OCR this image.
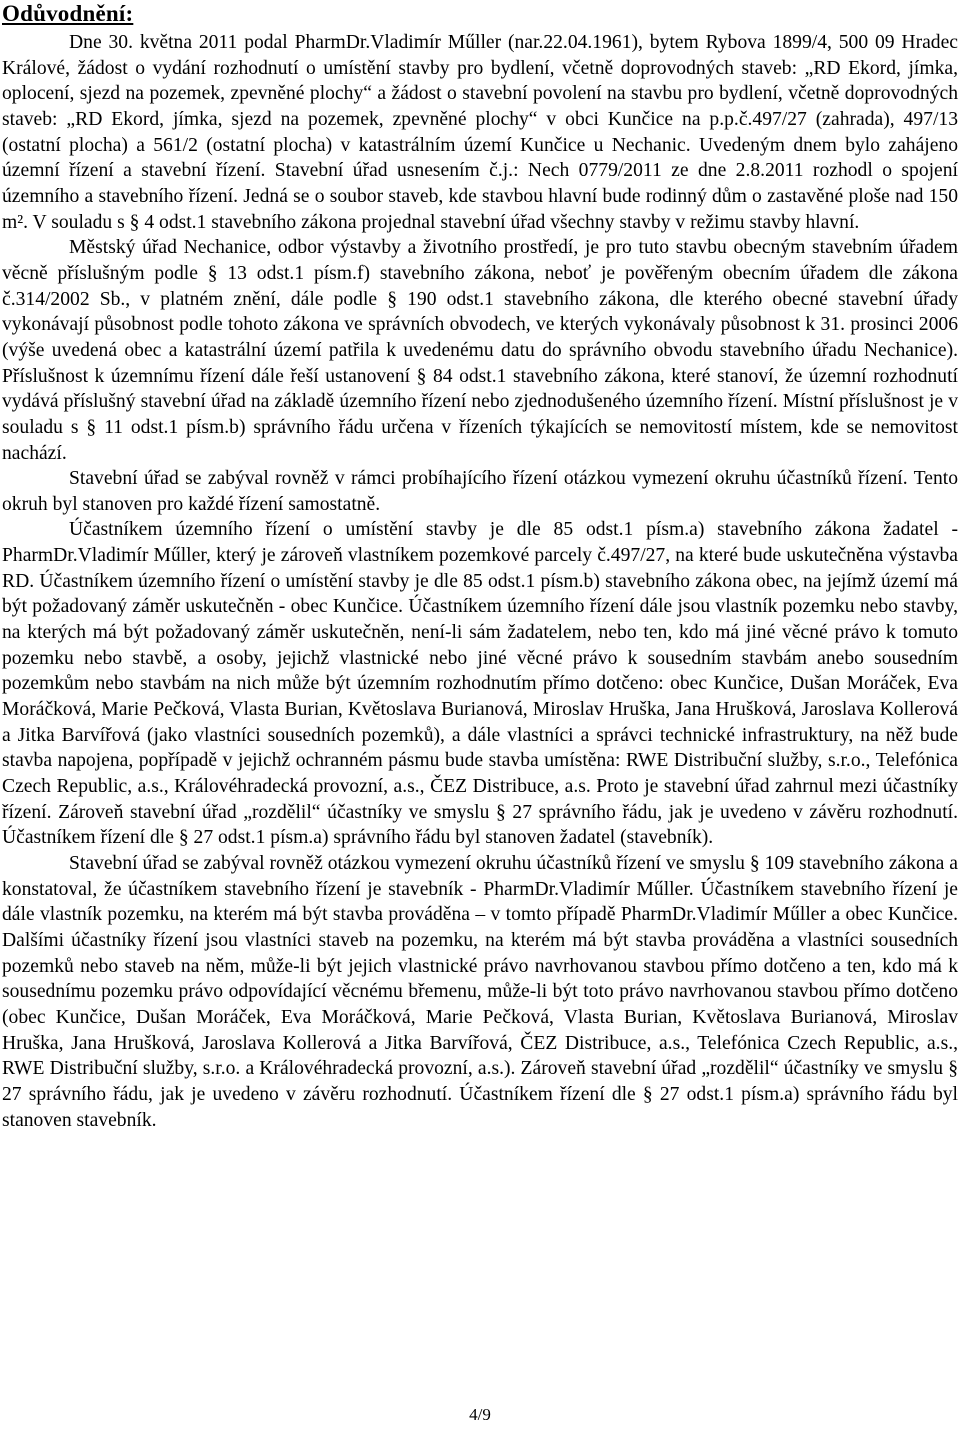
Odůvodnění:

Dne 30. května 2011 podal PharmDr.Vladimír Műller (nar.22.04.1961), bytem Rybova 1899/4, 500 09 Hradec Králové, žádost o vydání rozhodnutí o umístění stavby pro bydlení, včetně doprovodných staveb: „RD Ekord, jímka, oplocení, sjezd na pozemek, zpevněné plochy“ a žádost o stavební povolení na stavbu pro bydlení, včetně doprovodných staveb: „RD Ekord, jímka, sjezd na pozemek, zpevněné plochy“ v obci Kunčice na p.p.č.497/27 (zahrada), 497/13 (ostatní plocha) a 561/2 (ostatní plocha) v katastrálním území Kunčice u Nechanic. Uvedeným dnem bylo zahájeno územní řízení a stavební řízení. Stavební úřad usnesením č.j.: Nech 0779/2011 ze dne 2.8.2011 rozhodl o spojení územního a stavebního řízení. Jedná se o soubor staveb, kde stavbou hlavní bude rodinný dům o zastavěné ploše nad 150 m². V souladu s § 4 odst.1 stavebního zákona projednal stavební úřad všechny stavby v režimu stavby hlavní.

Městský úřad Nechanice, odbor výstavby a životního prostředí, je pro tuto stavbu obecným stavebním úřadem věcně příslušným podle § 13 odst.1 písm.f) stavebního zákona, neboť je pověřeným obecním úřadem dle zákona č.314/2002 Sb., v platném znění, dále podle § 190 odst.1 stavebního zákona, dle kterého obecné stavební úřady vykonávají působnost podle tohoto zákona ve správních obvodech, ve kterých vykonávaly působnost k 31. prosinci 2006 (výše uvedená obec a katastrální území patřila k uvedenému datu do správního obvodu stavebního úřadu Nechanice). Příslušnost k územnímu řízení dále řeší ustanovení § 84 odst.1 stavebního zákona, které stanoví, že územní rozhodnutí vydává příslušný stavební úřad na základě územního řízení nebo zjednodušeného územního řízení. Místní příslušnost je v souladu s § 11 odst.1 písm.b) správního řádu určena v řízeních týkajících se nemovitostí místem, kde se nemovitost nachází.

Stavební úřad se zabýval rovněž v rámci probíhajícího řízení otázkou vymezení okruhu účastníků řízení. Tento okruh byl stanoven pro každé řízení samostatně.

Účastníkem územního řízení o umístění stavby je dle 85 odst.1 písm.a) stavebního zákona žadatel - PharmDr.Vladimír Műller, který je zároveň vlastníkem pozemkové parcely č.497/27, na které bude uskutečněna výstavba RD. Účastníkem územního řízení o umístění stavby je dle 85 odst.1 písm.b) stavebního zákona obec, na jejímž území má být požadovaný záměr uskutečněn - obec Kunčice. Účastníkem územního řízení dále jsou vlastník pozemku nebo stavby, na kterých má být požadovaný záměr uskutečněn, není-li sám žadatelem, nebo ten, kdo má jiné věcné právo k tomuto pozemku nebo stavbě, a osoby, jejichž vlastnické nebo jiné věcné právo k sousedním stavbám anebo sousedním pozemkům nebo stavbám na nich může být územním rozhodnutím přímo dotčeno: obec Kunčice, Dušan Moráček, Eva Moráčková, Marie Pečková, Vlasta Burian, Květoslava Burianová, Miroslav Hruška, Jana Hrušková, Jaroslava Kollerová a Jitka Barvířová (jako vlastníci sousedních pozemků), a dále vlastníci a správci technické infrastruktury, na něž bude stavba napojena, popřípadě v jejichž ochranném pásmu bude stavba umístěna: RWE Distribuční služby, s.r.o., Telefónica Czech Republic, a.s., Královéhradecká provozní, a.s., ČEZ Distribuce, a.s. Proto je stavební úřad zahrnul mezi účastníky řízení. Zároveň stavební úřad „rozdělil“ účastníky ve smyslu § 27 správního řádu, jak je uvedeno v závěru rozhodnutí. Účastníkem řízení dle § 27 odst.1 písm.a) správního řádu byl stanoven žadatel (stavebník).

Stavební úřad se zabýval rovněž otázkou vymezení okruhu účastníků řízení ve smyslu § 109 stavebního zákona a konstatoval, že účastníkem stavebního řízení je stavebník - PharmDr.Vladimír Műller. Účastníkem stavebního řízení je dále vlastník pozemku, na kterém má být stavba prováděna – v tomto případě PharmDr.Vladimír Műller a obec Kunčice. Dalšími účastníky řízení jsou vlastníci staveb na pozemku, na kterém má být stavba prováděna a vlastníci sousedních pozemků nebo staveb na něm, může-li být jejich vlastnické právo navrhovanou stavbou přímo dotčeno a ten, kdo má k sousednímu pozemku právo odpovídající věcnému břemenu, může-li být toto právo navrhovanou stavbou přímo dotčeno (obec Kunčice, Dušan Moráček, Eva Moráčková, Marie Pečková, Vlasta Burian, Květoslava Burianová, Miroslav Hruška, Jana Hrušková, Jaroslava Kollerová a Jitka Barvířová, ČEZ Distribuce, a.s., Telefónica Czech Republic, a.s., RWE Distribuční služby, s.r.o. a Královéhradecká provozní, a.s.). Zároveň stavební úřad „rozdělil“ účastníky ve smyslu § 27 správního řádu, jak je uvedeno v závěru rozhodnutí. Účastníkem řízení dle § 27 odst.1 písm.a) správního řádu byl stanoven stavebník.

4/9
